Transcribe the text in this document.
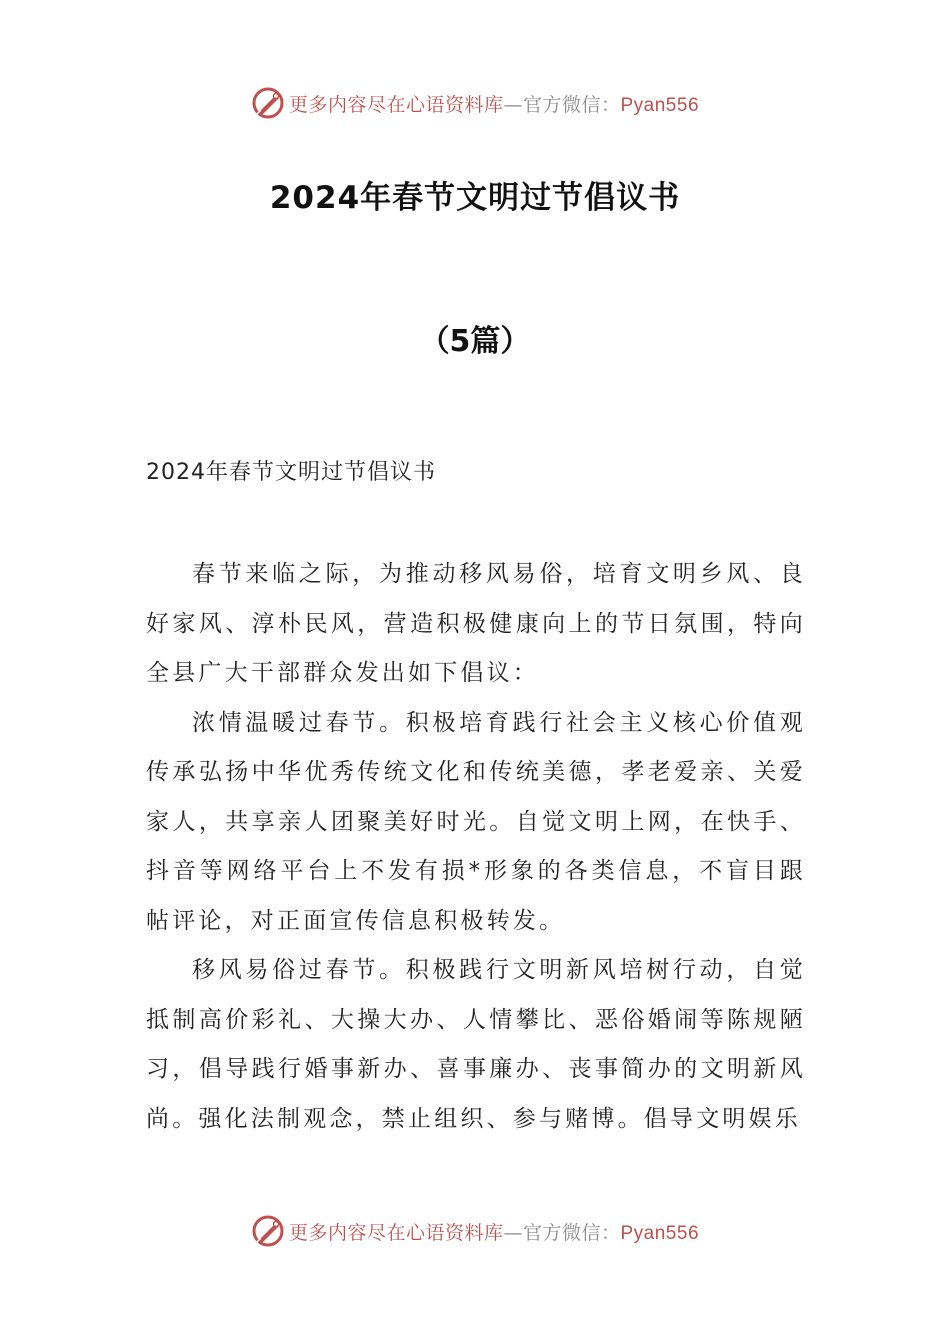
更多内容尽在心语资料库—官方微信：Pyan556
2024年春节文明过节倡议书
（5篇）
2024年春节文明过节倡议书

春节来临之际，为推动移风易俗，培育文明乡风、良好家风、淳朴民风，营造积极健康向上的节日氛围，特向全县广大干部群众发出如下倡议：

浓情温暖过春节。积极培育践行社会主义核心价值观传承弘扬中华优秀传统文化和传统美德，孝老爱亲、关爱家人，共享亲人团聚美好时光。自觉文明上网，在快手、抖音等网络平台上不发有损*形象的各类信息，不盲目跟帖评论，对正面宣传信息积极转发。

移风易俗过春节。积极践行文明新风培树行动，自觉抵制高价彩礼、大操大办、人情攀比、恶俗婚闹等陈规陋习，倡导践行婚事新办、喜事廉办、丧事简办的文明新风尚。强化法制观念，禁止组织、参与赌博。倡导文明娱乐

更多内容尽在心语资料库—官方微信：Pyan556
